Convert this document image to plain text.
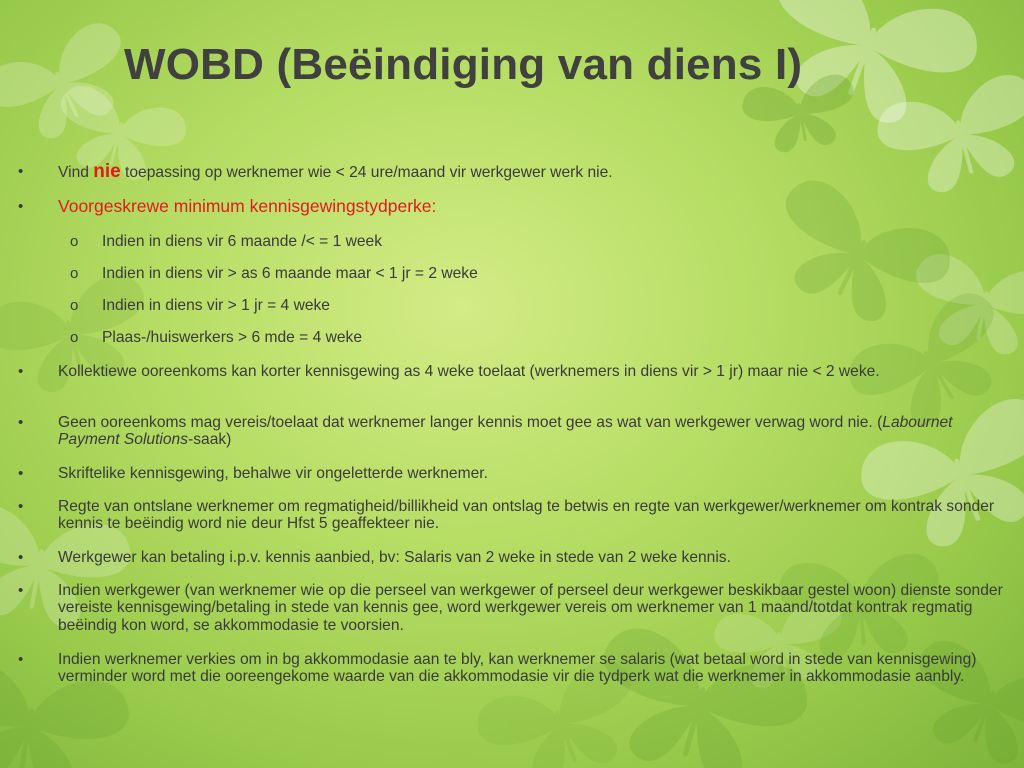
WOBD (Beëindiging van diens I)
• Vind nie toepassing op werknemer wie < 24 ure/maand vir werkgewer werk nie.
• Voorgeskrewe minimum kennisgewingstydperke:
o Indien in diens vir 6 maande /< = 1 week
o Indien in diens vir > as 6 maande maar < 1 jr = 2 weke
o Indien in diens vir > 1 jr = 4 weke
o Plaas-/huiswerkers > 6 mde = 4 weke
• Kollektiewe ooreenkoms kan korter kennisgewing as 4 weke toelaat (werknemers in diens vir > 1 jr) maar nie < 2 weke.
• Geen ooreenkoms mag vereis/toelaat dat werknemer langer kennis moet gee as wat van werkgewer verwag word nie. (Labournet Payment Solutions-saak)
• Skriftelike kennisgewing, behalwe vir ongeletterde werknemer.
• Regte van ontslane werknemer om regmatigheid/billikheid van ontslag te betwis en regte van werkgewer/werknemer om kontrak sonder kennis te beëindig word nie deur Hfst 5 geaffekteer nie.
• Werkgewer kan betaling i.p.v. kennis aanbied, bv: Salaris van 2 weke in stede van 2 weke kennis.
• Indien werkgewer (van werknemer wie op die perseel van werkgewer of perseel deur werkgewer beskikbaar gestel woon) dienste sonder vereiste kennisgewing/betaling in stede van kennis gee, word werkgewer vereis om werknemer van 1 maand/totdat kontrak regmatig beëindig kon word, se akkommodasie te voorsien.
• Indien werknemer verkies om in bg akkommodasie aan te bly, kan werknemer se salaris (wat betaal word in stede van kennisgewing) verminder word met die ooreengekome waarde van die akkommodasie vir die tydperk wat die werknemer in akkommodasie aanbly.
